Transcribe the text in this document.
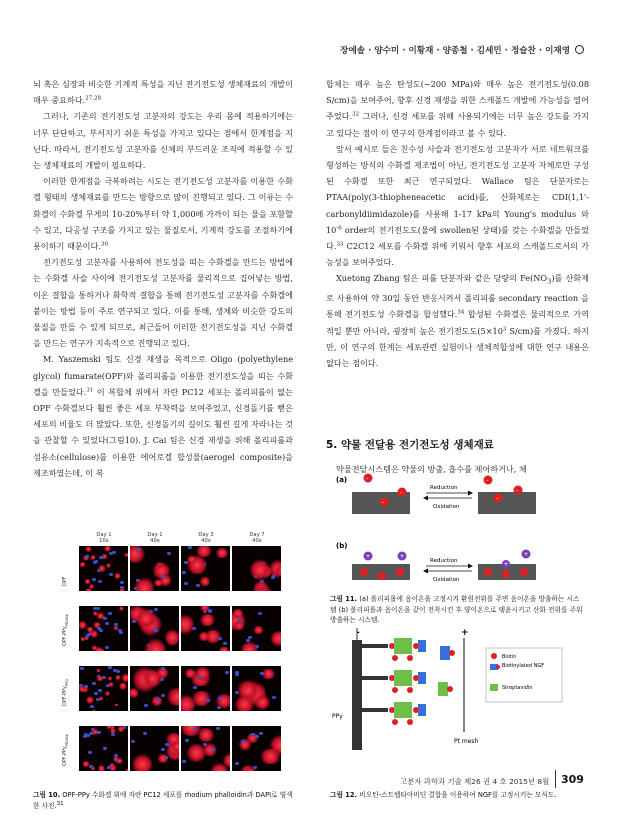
장예솔 · 양수미 · 이황재 · 양종철 · 김세민 · 정슬찬 · 이재영

뇌 혹은 심장과 비슷한 기계적 특성을 지닌 전기전도성 생체재료의 개발이 매우 중요하다.$^{27,28}$

그러나, 기존의 전기전도성 고분자의 강도는 우리 몸에 적용하기에는 너무 단단하고, 부서지기 쉬운 특성을 가지고 있다는 점에서 한계점을 지닌다. 따라서, 전기전도성 고분자를 신체의 부드러운 조직에 적용할 수 있는 생체재료의 개발이 필요하다.

이러한 한계점을 극복하려는 시도는 전기전도성 고분자를 이용한 수화겔 형태의 생체재료를 만드는 방향으로 많이 진행되고 있다. 그 이유는 수화겔이 수화겔 무게의 10-20%부터 약 1,000배 가까이 되는 물을 포함할 수 있고, 다공성 구조를 가지고 있는 물질로서, 기계적 강도를 조절하기에 용이하기 때문이다.$^{30}$

전기전도성 고분자를 사용하여 전도성을 띠는 수화겔을 만드는 방법에는 수화겔 사슬 사이에 전기전도성 고분자를 물리적으로 집어넣는 방법, 이온 결합을 통하거나 화학적 결합을 통해 전기전도성 고분자를 수화겔에 붙이는 방법 등이 주로 연구되고 있다. 이를 통해, 생체와 비슷한 강도의 물질을 만들 수 있게 되므로, 최근들어 이러한 전기전도성을 지닌 수화겔을 만드는 연구가 지속적으로 진행되고 있다.

M. Yaszemski 팀도 신경 재생을 목적으로 Oligo (polyethylene glycol) fumarate(OPF)와 폴리피롤을 이용한 전기전도성을 띠는 수화겔을 만들었다.$^{31}$ 이 복합체 위에서 자란 PC12 세포는 폴리피롤이 없는 OPF 수화겔보다 훨씬 좋은 세포 부착력을 보여주었고, 신경돌기를 뻗은 세포의 비율도 더 많았다. 또한, 신경돌기의 길이도 훨씬 길게 자라나는 것을 관찰할 수 있었다(그림10). J. Cai 팀은 신경 재생을 위해 폴리피롤과 섬유소(cellulose)를 이용한 에어로겔 합성물(aerogel composite)을 제조하였는데, 이 복

합체는 매우 높은 탄성도(~200 MPa)와 매우 높은 전기전도성(0.08 S/cm)을 보여주어, 향후 신경 재생을 위한 스캐폴드 개발에 가능성을 열어주었다.$^{32}$ 그러나, 신경 세포를 위해 사용되기에는 너무 높은 강도를 가지고 있다는 점이 이 연구의 한계점이라고 볼 수 있다.

앞서 예시로 들은 친수성 사슬과 전기전도성 고분자가 서로 네트워크를 형성하는 방식의 수화겔 제조법이 아닌, 전기전도성 고분자 자체로만 구성된 수화겔 또한 최근 연구되었다. Wallace 팀은 단분자로는 PTAA(poly(3-thiopheneacetic acid)를, 산화제로는 CDI(1,1'-carbonyldiimidazole)를 사용해 1-17 kPa의 Young's modulus 와 $10^{-6}$ order의 전기전도도(물에 swollen된 상태)를 갖는 수화겔을 만들었다.$^{33}$ C2C12 세포를 수화겔 위에 키워서 향후 세포의 스캐폴드로서의 가능성을 보여주었다.

Xuetong Zhang 팀은 피롤 단분자와 같은 당량의 $Fe(NO_3)$를 산화제로 사용하여 약 30일 동안 반응시켜서 폴리피롤 secondary reaction 을 통해 전기전도성 수화겔을 합성했다.$^{34}$ 합성된 수화겔은 물리적으로 가역적일 뿐만 아니라, 굉장히 높은 전기전도도($5\times 10^3$ S/cm)를 가졌다. 하지만, 이 연구의 한계는 세포관련 실험이나 생체적합성에 대한 연구 내용은 없다는 점이다.

5. 약물 전달용 전기전도성 생체재료
약물전달시스템은 약물의 방출, 흡수를 제어하거나, 체
Day 1
10x
Day 1
40x
Day 3
40x
Day 7
40x
OPF
OPF-PPy$_{PEGDA}$
OPF-PPy$_{PEG}$
OPF-PPy$_{PEGDA}$
그림 10. OPF-PPy 수화겔 위에 자란 PC12 세포를 rhodium phalloidin과 DAPI로 염색한 사진.$^{31}$
(a)	-
-
-
Reduction
Oxidation
-
-
-
(b)
+	+
Reduction
Oxidation
+
+
그림 11. (a) 폴리피롤에 음이온을 고정시켜 환원전위를 주면 음이온을 방출하는 시스템 (b) 폴리피롤과 음이온을 같이 전착시킨 후 양이온으로 탱윤시키고 산화 전위를 주워 방출하는 시스템.
-	+
PPy
Pt mesh
Biotin
Biotinylated NGF
Streptavidin
그림 12. 비오틴-스트렙타아비딘 결합을 이용하여 NGF를 고정시키는 모식도.
고분자 과학과 기술 제26 권 4 호 2015년 8월 309
